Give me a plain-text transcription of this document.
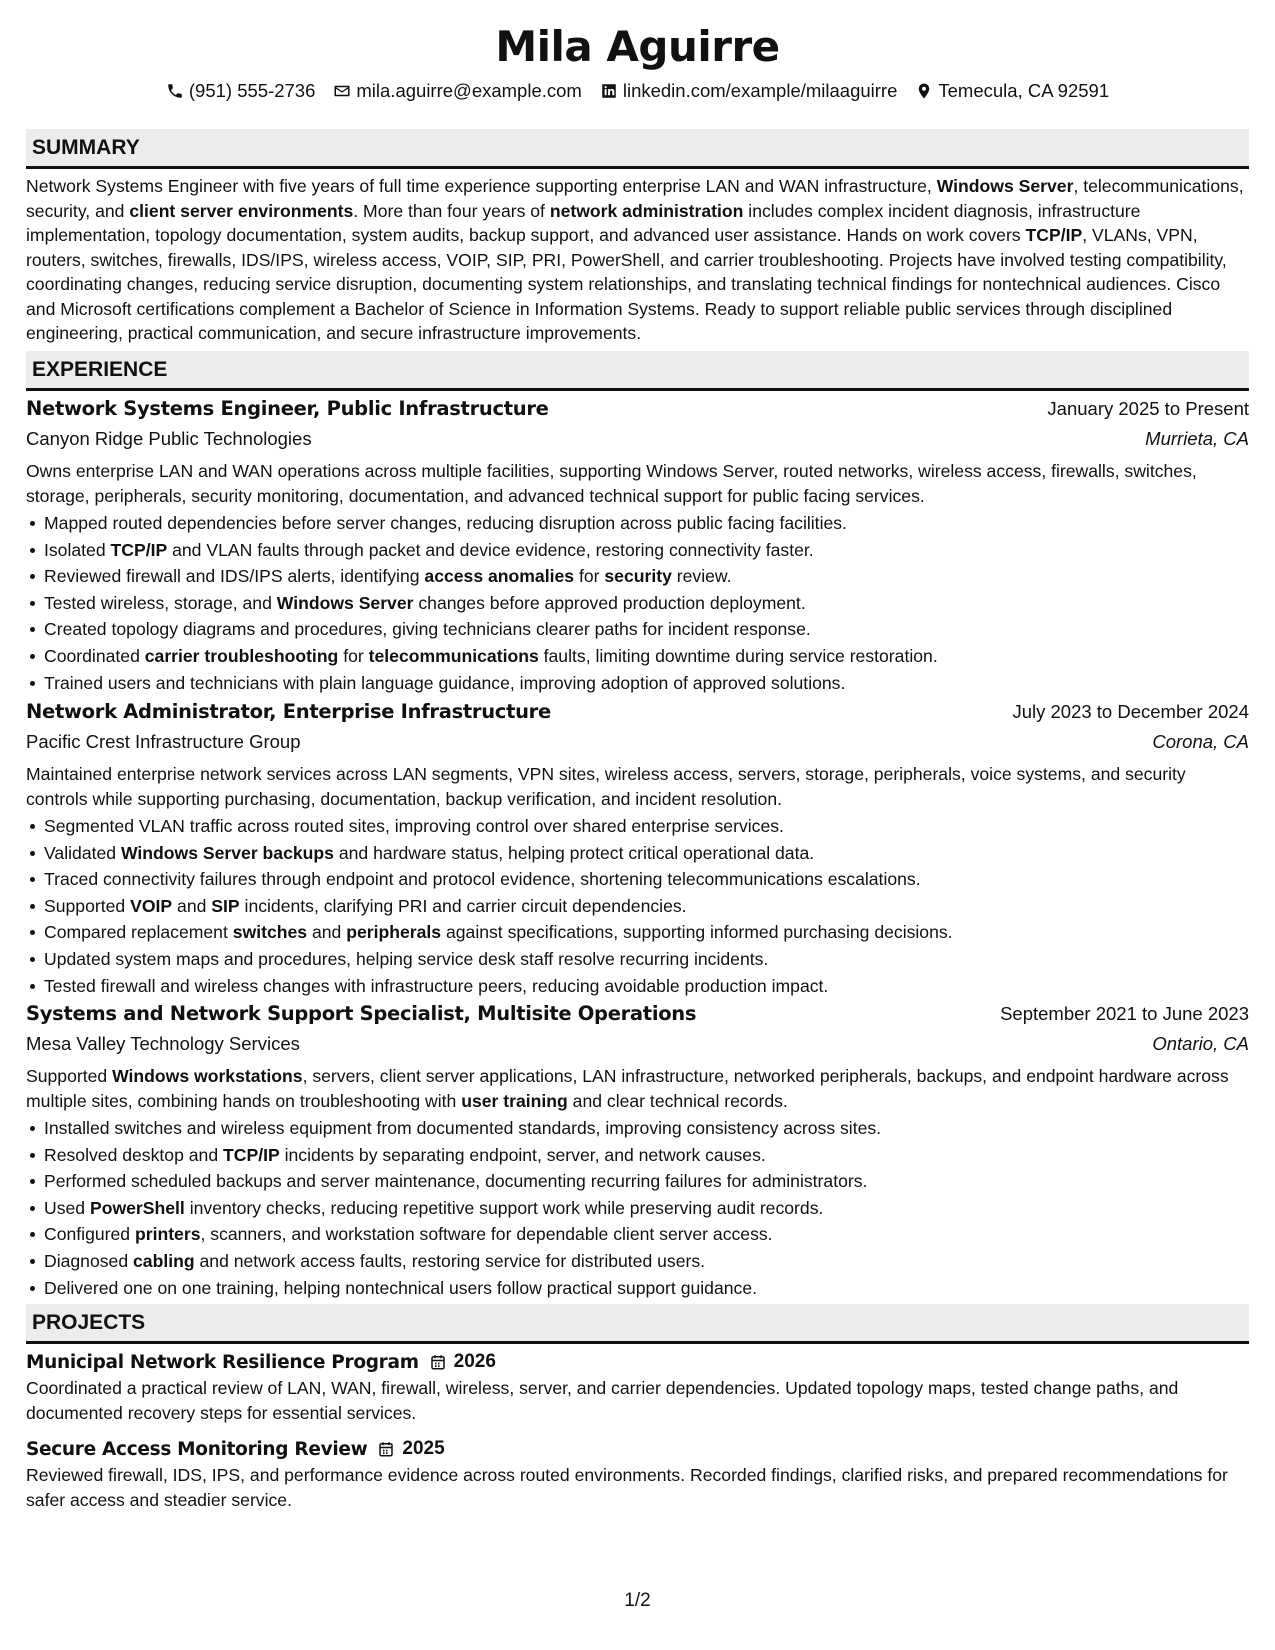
Mila Aguirre
(951) 555-2736 mila.aguirre@example.com linkedin.com/example/milaaguirre Temecula, CA 92591
SUMMARY
Network Systems Engineer with five years of full time experience supporting enterprise LAN and WAN infrastructure, Windows Server, telecommunications, security, and client server environments. More than four years of network administration includes complex incident diagnosis, infrastructure implementation, topology documentation, system audits, backup support, and advanced user assistance. Hands on work covers TCP/IP, VLANs, VPN, routers, switches, firewalls, IDS/IPS, wireless access, VOIP, SIP, PRI, PowerShell, and carrier troubleshooting. Projects have involved testing compatibility, coordinating changes, reducing service disruption, documenting system relationships, and translating technical findings for nontechnical audiences. Cisco and Microsoft certifications complement a Bachelor of Science in Information Systems. Ready to support reliable public services through disciplined engineering, practical communication, and secure infrastructure improvements.
EXPERIENCE
Network Systems Engineer, Public Infrastructure	January 2025 to Present
Canyon Ridge Public Technologies	Murrieta, CA
Owns enterprise LAN and WAN operations across multiple facilities, supporting Windows Server, routed networks, wireless access, firewalls, switches, storage, peripherals, security monitoring, documentation, and advanced technical support for public facing services.
Mapped routed dependencies before server changes, reducing disruption across public facing facilities.
Isolated TCP/IP and VLAN faults through packet and device evidence, restoring connectivity faster.
Reviewed firewall and IDS/IPS alerts, identifying access anomalies for security review.
Tested wireless, storage, and Windows Server changes before approved production deployment.
Created topology diagrams and procedures, giving technicians clearer paths for incident response.
Coordinated carrier troubleshooting for telecommunications faults, limiting downtime during service restoration.
Trained users and technicians with plain language guidance, improving adoption of approved solutions.
Network Administrator, Enterprise Infrastructure	July 2023 to December 2024
Pacific Crest Infrastructure Group	Corona, CA
Maintained enterprise network services across LAN segments, VPN sites, wireless access, servers, storage, peripherals, voice systems, and security controls while supporting purchasing, documentation, backup verification, and incident resolution.
Segmented VLAN traffic across routed sites, improving control over shared enterprise services.
Validated Windows Server backups and hardware status, helping protect critical operational data.
Traced connectivity failures through endpoint and protocol evidence, shortening telecommunications escalations.
Supported VOIP and SIP incidents, clarifying PRI and carrier circuit dependencies.
Compared replacement switches and peripherals against specifications, supporting informed purchasing decisions.
Updated system maps and procedures, helping service desk staff resolve recurring incidents.
Tested firewall and wireless changes with infrastructure peers, reducing avoidable production impact.
Systems and Network Support Specialist, Multisite Operations	September 2021 to June 2023
Mesa Valley Technology Services	Ontario, CA
Supported Windows workstations, servers, client server applications, LAN infrastructure, networked peripherals, backups, and endpoint hardware across multiple sites, combining hands on troubleshooting with user training and clear technical records.
Installed switches and wireless equipment from documented standards, improving consistency across sites.
Resolved desktop and TCP/IP incidents by separating endpoint, server, and network causes.
Performed scheduled backups and server maintenance, documenting recurring failures for administrators.
Used PowerShell inventory checks, reducing repetitive support work while preserving audit records.
Configured printers, scanners, and workstation software for dependable client server access.
Diagnosed cabling and network access faults, restoring service for distributed users.
Delivered one on one training, helping nontechnical users follow practical support guidance.
PROJECTS
Municipal Network Resilience Program 2026
Coordinated a practical review of LAN, WAN, firewall, wireless, server, and carrier dependencies. Updated topology maps, tested change paths, and documented recovery steps for essential services.
Secure Access Monitoring Review 2025
Reviewed firewall, IDS, IPS, and performance evidence across routed environments. Recorded findings, clarified risks, and prepared recommendations for safer access and steadier service.
1/2
